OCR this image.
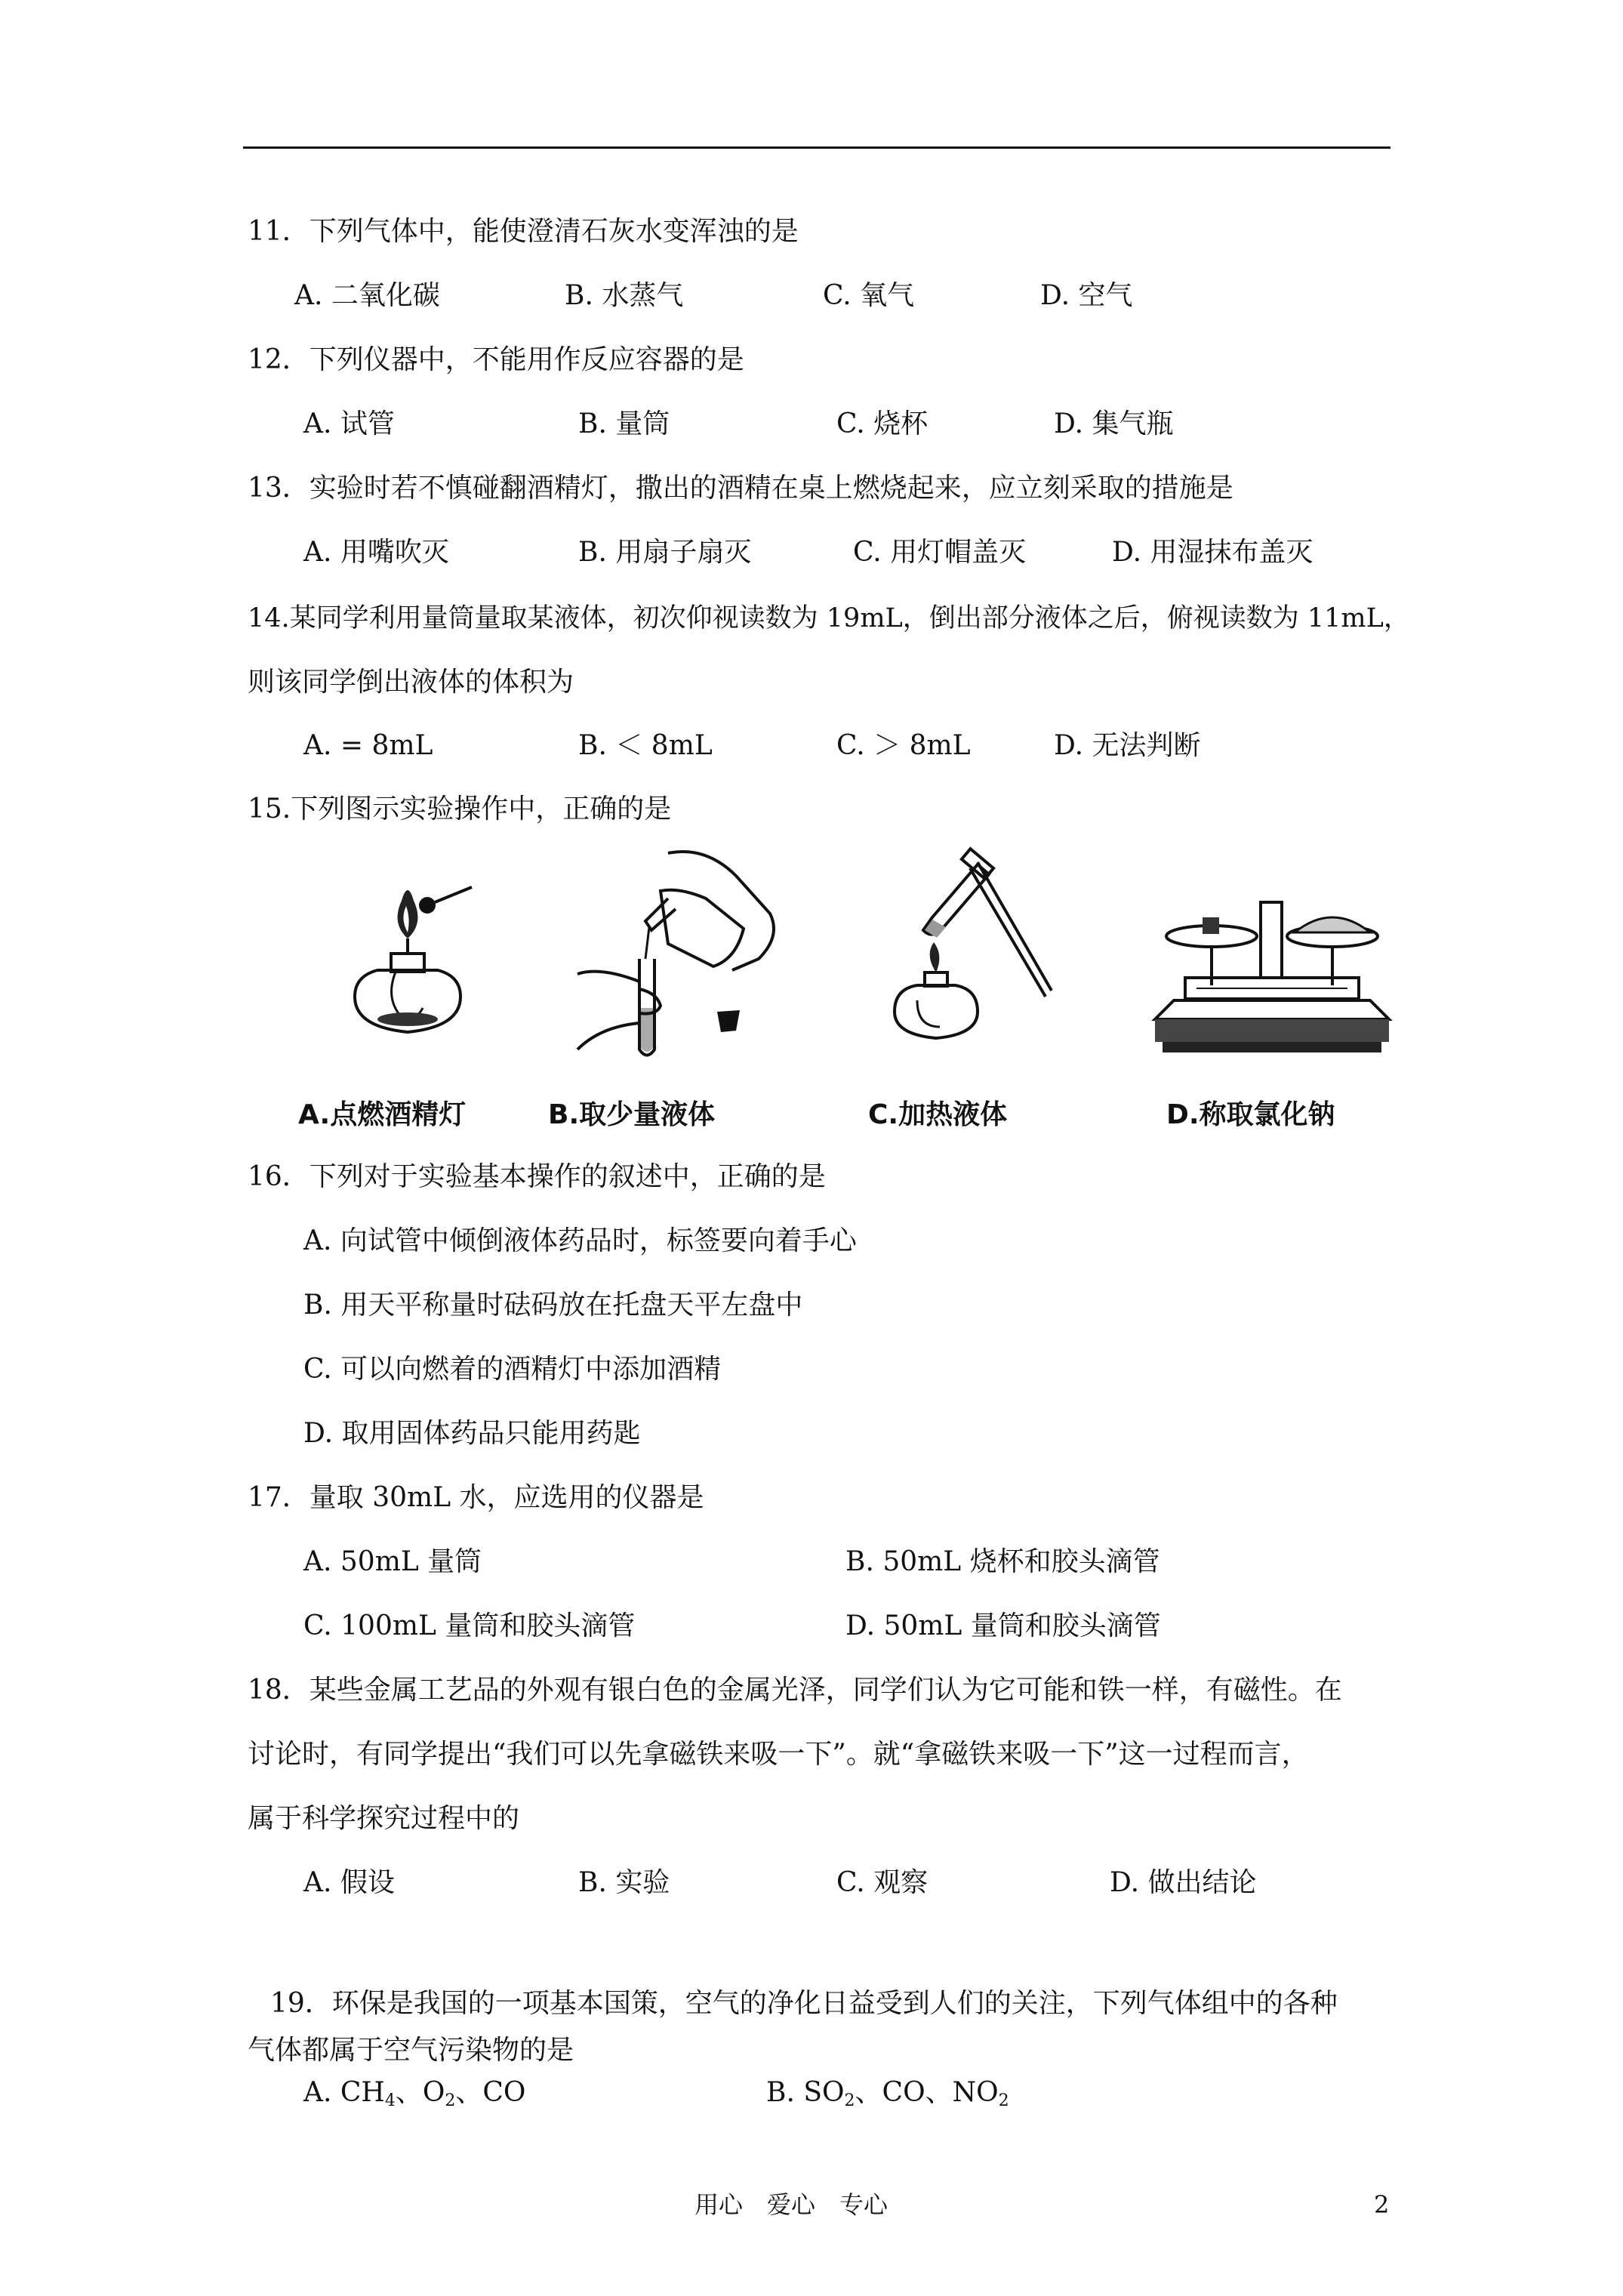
11．下列气体中，能使澄清石灰水变浑浊的是
A. 二氧化碳	B. 水蒸气	C. 氧气	D. 空气
12．下列仪器中，不能用作反应容器的是
A. 试管	B. 量筒	C. 烧杯	D. 集气瓶
13．实验时若不慎碰翻酒精灯，撒出的酒精在桌上燃烧起来，应立刻采取的措施是
A. 用嘴吹灭	B. 用扇子扇灭	C. 用灯帽盖灭	D. 用湿抹布盖灭
14.某同学利用量筒量取某液体，初次仰视读数为 19mL，倒出部分液体之后，俯视读数为 11mL，
则该同学倒出液体的体积为
A. = 8mL	B. ＜ 8mL	C. ＞ 8mL	D. 无法判断
15.下列图示实验操作中，正确的是
A.点燃酒精灯	B.取少量液体	C.加热液体	D.称取氯化钠
16．下列对于实验基本操作的叙述中，正确的是
A. 向试管中倾倒液体药品时，标签要向着手心
B. 用天平称量时砝码放在托盘天平左盘中
C. 可以向燃着的酒精灯中添加酒精
D. 取用固体药品只能用药匙
17．量取 30mL 水，应选用的仪器是
A. 50mL 量筒	B. 50mL 烧杯和胶头滴管
C. 100mL 量筒和胶头滴管	D. 50mL 量筒和胶头滴管
18．某些金属工艺品的外观有银白色的金属光泽，同学们认为它可能和铁一样，有磁性。在
讨论时，有同学提出“我们可以先拿磁铁来吸一下”。就“拿磁铁来吸一下”这一过程而言，
属于科学探究过程中的
A. 假设	B. 实验	C. 观察	D. 做出结论
19．环保是我国的一项基本国策，空气的净化日益受到人们的关注，下列气体组中的各种
气体都属于空气污染物的是
A. $CH_4$、$O_2$、CO	B. $SO_2$、CO、$NO_2$
用心　爱心　专心	2
